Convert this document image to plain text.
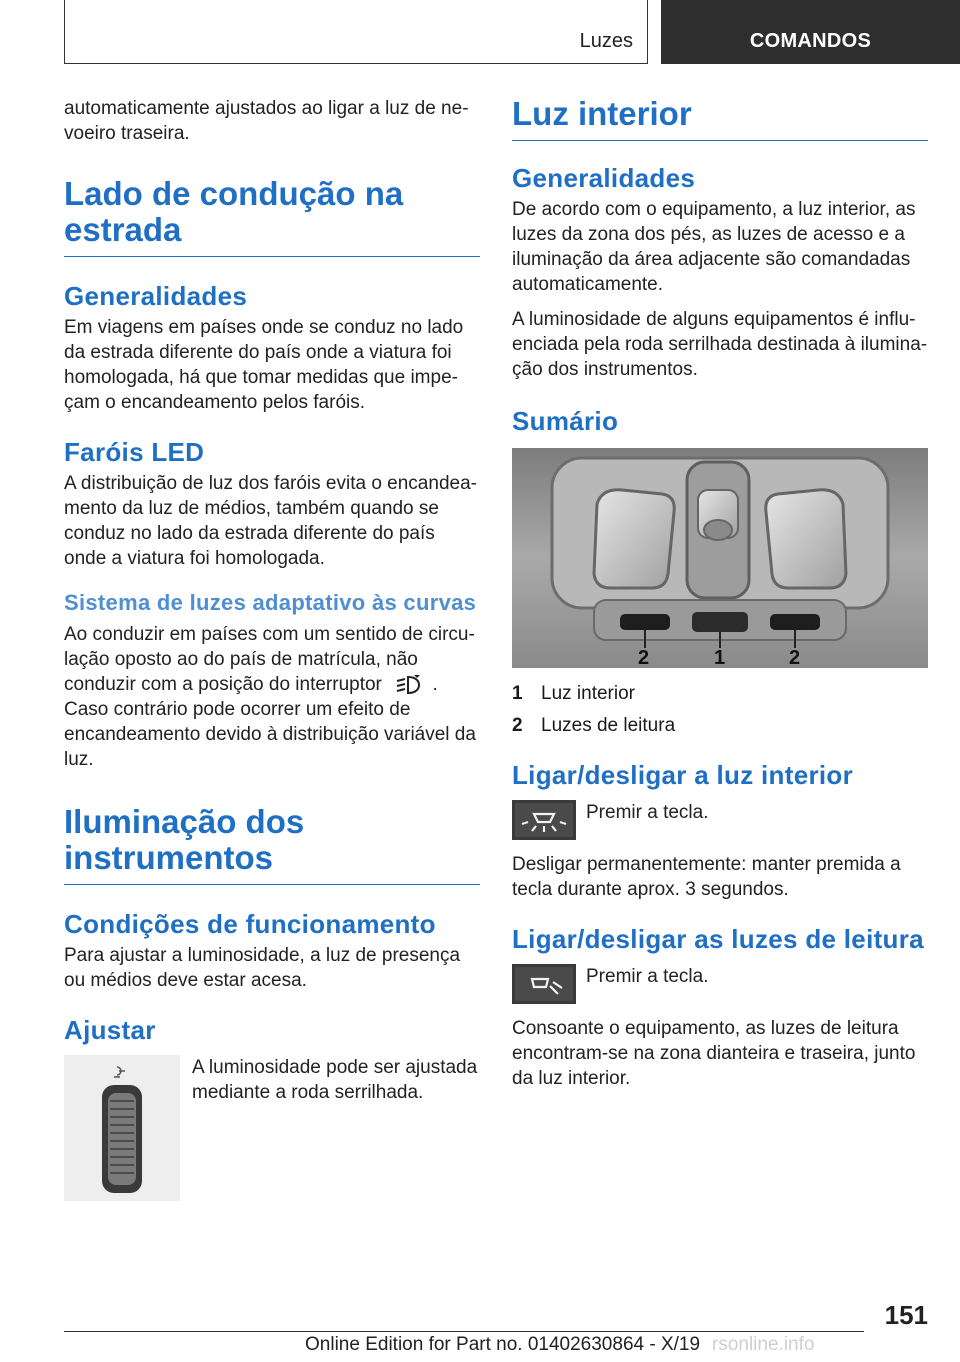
Luzes	COMANDOS

automaticamente ajustados ao ligar a luz de nevoeiro traseira.

Lado de condução na estrada
Generalidades

Em viagens em países onde se conduz no lado da estrada diferente do país onde a viatura foi homologada, há que tomar medidas que impeçam o encandeamento pelos faróis.

Faróis LED

A distribuição de luz dos faróis evita o encandeamento da luz de médios, também quando se conduz no lado da estrada diferente do país onde a viatura foi homologada.

Sistema de luzes adaptativo às curvas

Ao conduzir em países com um sentido de circulação oposto ao do país de matrícula, não conduzir com a posição do interruptor	. Caso contrário pode ocorrer um efeito de encandeamento devido à distribuição variável da luz.

Iluminação dos instrumentos
Condições de funcionamento

Para ajustar a luminosidade, a luz de presença ou médios deve estar acesa.

Ajustar

A luminosidade pode ser ajustada mediante a roda serrilhada.

Luz interior
Generalidades

De acordo com o equipamento, a luz interior, as luzes da zona dos pés, as luzes de acesso e a iluminação da área adjacente são comandadas automaticamente.

A luminosidade de alguns equipamentos é influenciada pela roda serrilhada destinada à iluminação dos instrumentos.

Sumário
2	1	2
1 Luz interior
2 Luzes de leitura
Ligar/desligar a luz interior

Premir a tecla.

Desligar permanentemente: manter premida a tecla durante aprox. 3 segundos.

Ligar/desligar as luzes de leitura

Premir a tecla.

Consoante o equipamento, as luzes de leitura encontram-se na zona dianteira e traseira, junto da luz interior.

151
Online Edition for Part no. 01402630864 - X/19 rsonline.info
